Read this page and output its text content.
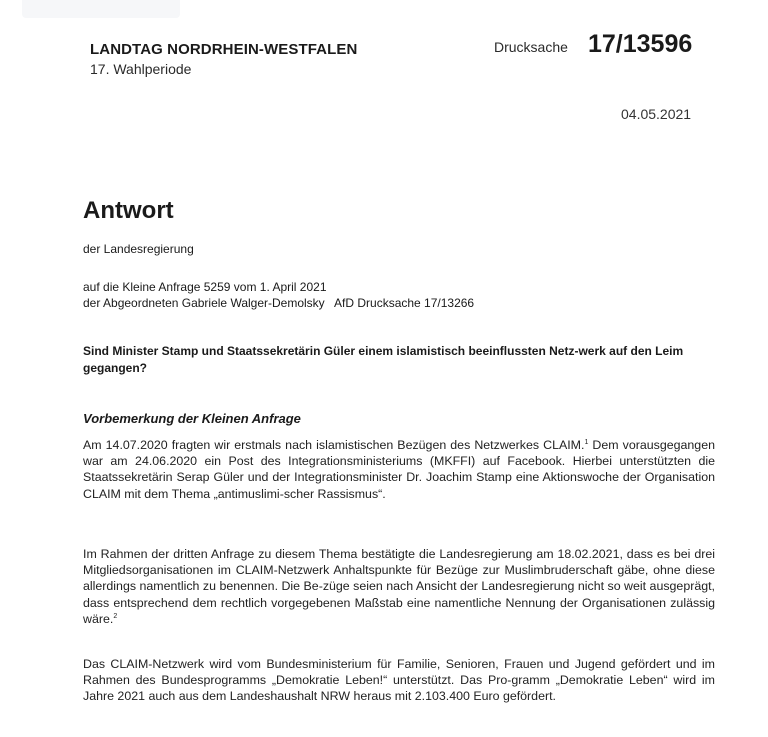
LANDTAG NORDRHEIN-WESTFALEN
17. Wahlperiode
Drucksache 17/13596
04.05.2021
Antwort
der Landesregierung
auf die Kleine Anfrage 5259 vom 1. April 2021
der Abgeordneten Gabriele Walger-Demolsky   AfD Drucksache 17/13266
Sind Minister Stamp und Staatssekretärin Güler einem islamistisch beeinflussten Netz-werk auf den Leim gegangen?
Vorbemerkung der Kleinen Anfrage
Am 14.07.2020 fragten wir erstmals nach islamistischen Bezügen des Netzwerkes CLAIM.$^1$ Dem vorausgegangen war am 24.06.2020 ein Post des Integrationsministeriums (MKFFI) auf Facebook. Hierbei unterstützten die Staatssekretärin Serap Güler und der Integrationsminister Dr. Joachim Stamp eine Aktionswoche der Organisation CLAIM mit dem Thema „antimuslimi-scher Rassismus“.
Im Rahmen der dritten Anfrage zu diesem Thema bestätigte die Landesregierung am 18.02.2021, dass es bei drei Mitgliedsorganisationen im CLAIM-Netzwerk Anhaltspunkte für Bezüge zur Muslimbruderschaft gäbe, ohne diese allerdings namentlich zu benennen. Die Be-züge seien nach Ansicht der Landesregierung nicht so weit ausgeprägt, dass entsprechend dem rechtlich vorgegebenen Maßstab eine namentliche Nennung der Organisationen zulässig wäre.$^2$
Das CLAIM-Netzwerk wird vom Bundesministerium für Familie, Senioren, Frauen und Jugend gefördert und im Rahmen des Bundesprogramms „Demokratie Leben!“ unterstützt. Das Pro-gramm „Demokratie Leben“ wird im Jahre 2021 auch aus dem Landeshaushalt NRW heraus mit 2.103.400 Euro gefördert.
